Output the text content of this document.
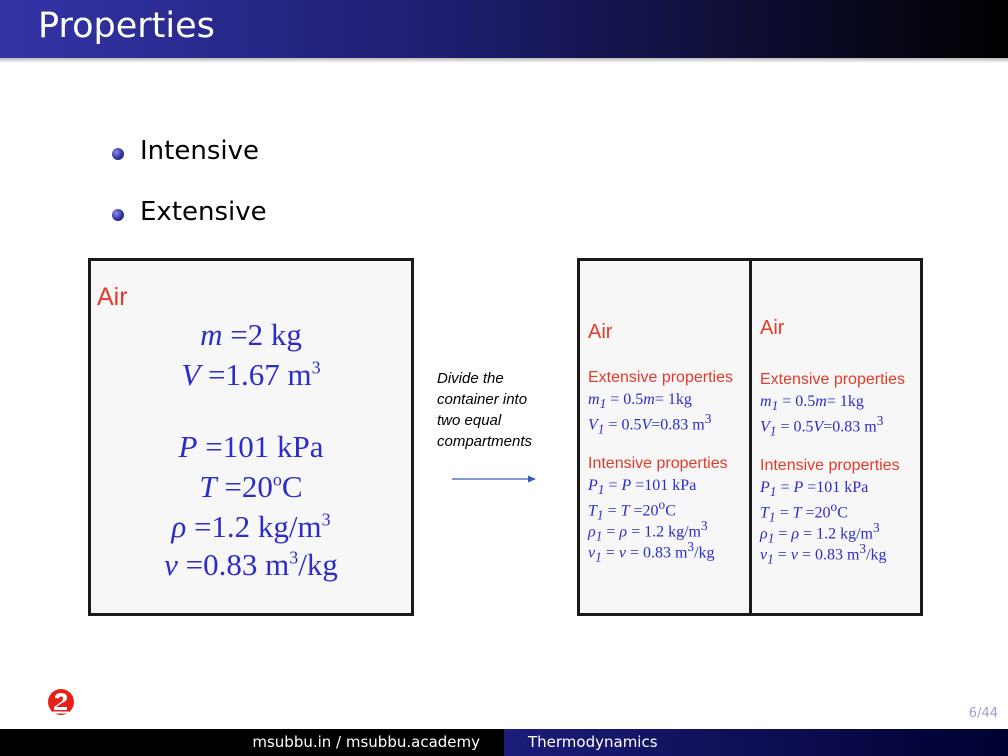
Properties
Intensive
Extensive
Air
m =2 kg
V =1.67 $m^3$
P =101 kPa
$T =20^oC$
ρ =1.2 $kg/m^3$
v =0.83 $m^3/kg$
Divide the
container into
two equal
compartments
Air
Extensive properties
$m_1 = 0.5m= 1kg$
$V_1 = 0.5V=0.83$ $m^3$
Intensive properties
$P_1 = P =101$ kPa
$T_1 = T =20^oC$
$\rho_1 = \rho = 1.2$ $kg/m^3$
$v_1 = v = 0.83$ $m^3/kg$
Air
Extensive properties
$m_1 = 0.5m= 1kg$
$V_1 = 0.5V=0.83$ $m^3$
Intensive properties
$P_1 = P =101$ kPa
$T_1 = T =20^oC$
$\rho_1 = \rho = 1.2$ $kg/m^3$
$v_1 = v = 0.83$ $m^3/kg$
6/44
msubbu.in / msubbu.academy	Thermodynamics
